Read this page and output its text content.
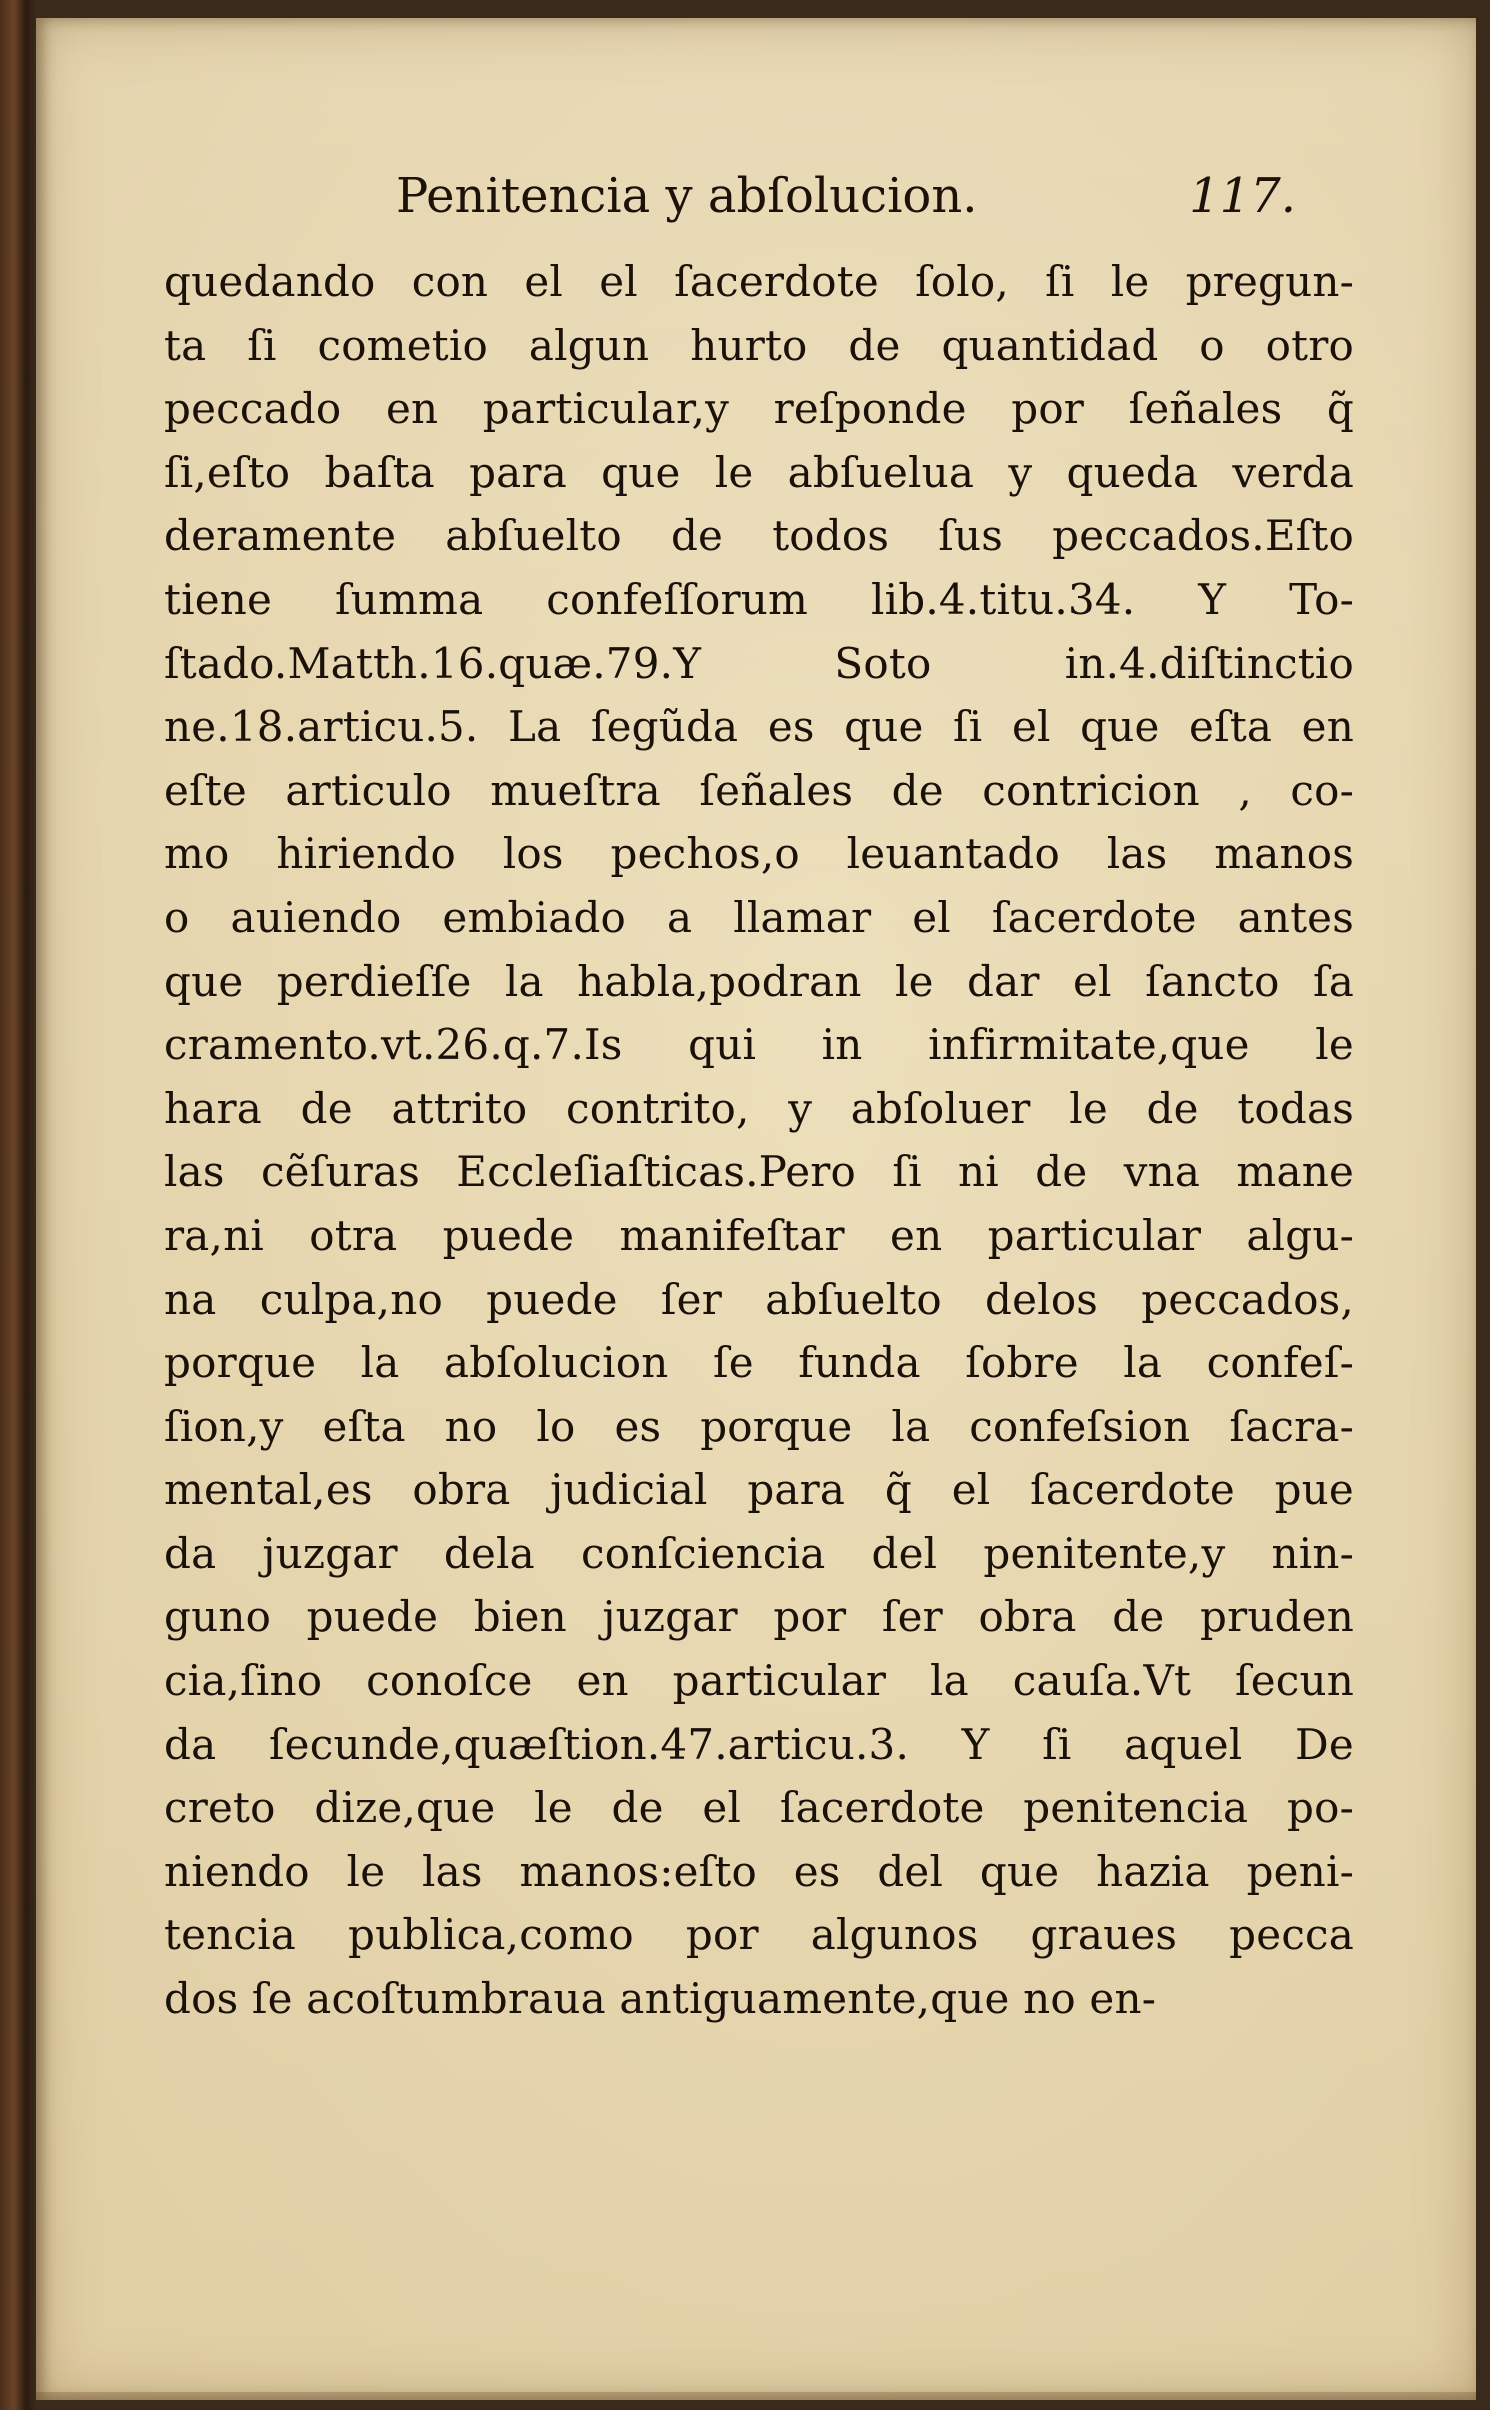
Penitencia y abſolucion.	117.
quedando con el el ſacerdote ſolo, ſi le pregun-
ta ſi cometio algun hurto de quantidad o otro
peccado en particular,y reſponde por ſeñales q̃
ſi,eſto baſta para que le abſuelua y queda verda
deramente abſuelto de todos ſus peccados.Eſto
tiene ſumma confeſſorum lib.4.titu.34. Y To-
ſtado.Matth.16.quæ.79.Y Soto in.4.diſtinctio
ne.18.articu.5. La ſegũda es que ſi el que eſta en
eſte articulo mueſtra ſeñales de contricion , co-
mo hiriendo los pechos,o leuantado las manos
o auiendo embiado a llamar el ſacerdote antes
que perdieſſe la habla,podran le dar el ſancto ſa
cramento.vt.26.q.7.Is qui in infirmitate,que le
hara de attrito contrito, y abſoluer le de todas
las cẽſuras Eccleſiaſticas.Pero ſi ni de vna mane
ra,ni otra puede manifeſtar en particular algu-
na culpa,no puede ſer abſuelto delos peccados,
porque la abſolucion ſe funda ſobre la confeſ-
ſion,y eſta no lo es porque la confeſsion ſacra-
mental,es obra judicial para q̃ el ſacerdote pue
da juzgar dela conſciencia del penitente,y nin-
guno puede bien juzgar por ſer obra de pruden
cia,ſino conoſce en particular la cauſa.Vt ſecun
da ſecunde,quæſtion.47.articu.3. Y ſi aquel De
creto dize,que le de el ſacerdote penitencia po-
niendo le las manos:eſto es del que hazia peni-
tencia publica,como por algunos graues pecca
dos ſe acoſtumbraua antiguamente,que no en-
